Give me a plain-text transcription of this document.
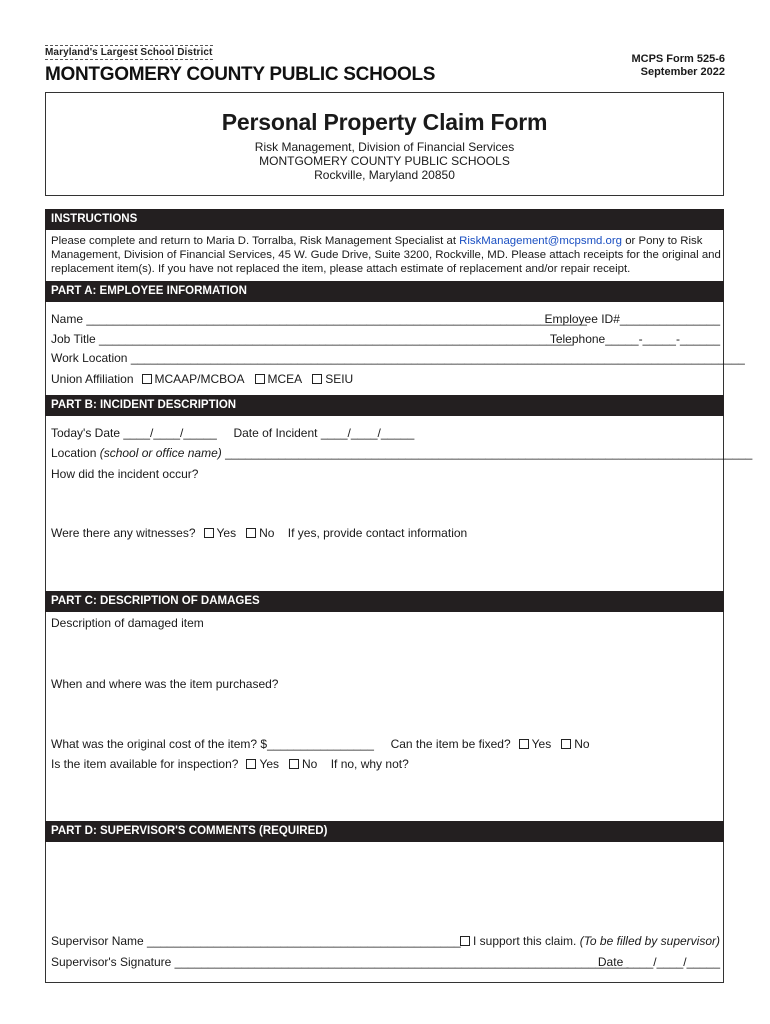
Maryland's Largest School District
MONTGOMERY COUNTY PUBLIC SCHOOLS
MCPS Form 525-6
September 2022
Personal Property Claim Form
Risk Management, Division of Financial Services
MONTGOMERY COUNTY PUBLIC SCHOOLS
Rockville, Maryland 20850
INSTRUCTIONS
Please complete and return to Maria D. Torralba, Risk Management Specialist at RiskManagement@mcpsmd.org or Pony to Risk Management, Division of Financial Services, 45 W. Gude Drive, Suite 3200, Rockville, MD. Please attach receipts for the original and replacement item(s). If you have not replaced the item, please attach estimate of replacement and/or repair receipt.
PART A: EMPLOYEE INFORMATION
Name ___________________________________________________________________________
Employee ID#_______________
Job Title _______________________________________________________________________
Telephone_____-_____-______
Work Location ____________________________________________________________________________________________
Union Affiliation MCAAP/MCBOA MCEA SEIU
PART B: INCIDENT DESCRIPTION
Today's Date ____/____/_____ Date of Incident ____/____/_____
Location (school or office name) _______________________________________________________________________________
How did the incident occur?
Were there any witnesses? Yes No If yes, provide contact information
PART C: DESCRIPTION OF DAMAGES
Description of damaged item
When and where was the item purchased?
What was the original cost of the item? $________________ Can the item be fixed? Yes No
Is the item available for inspection? Yes No If no, why not?
PART D: SUPERVISOR'S COMMENTS (REQUIRED)
Supervisor Name _______________________________________________	I support this claim. (To be filled by supervisor)
Supervisor's Signature ____________________________________________________________________
Date ____/____/_____
